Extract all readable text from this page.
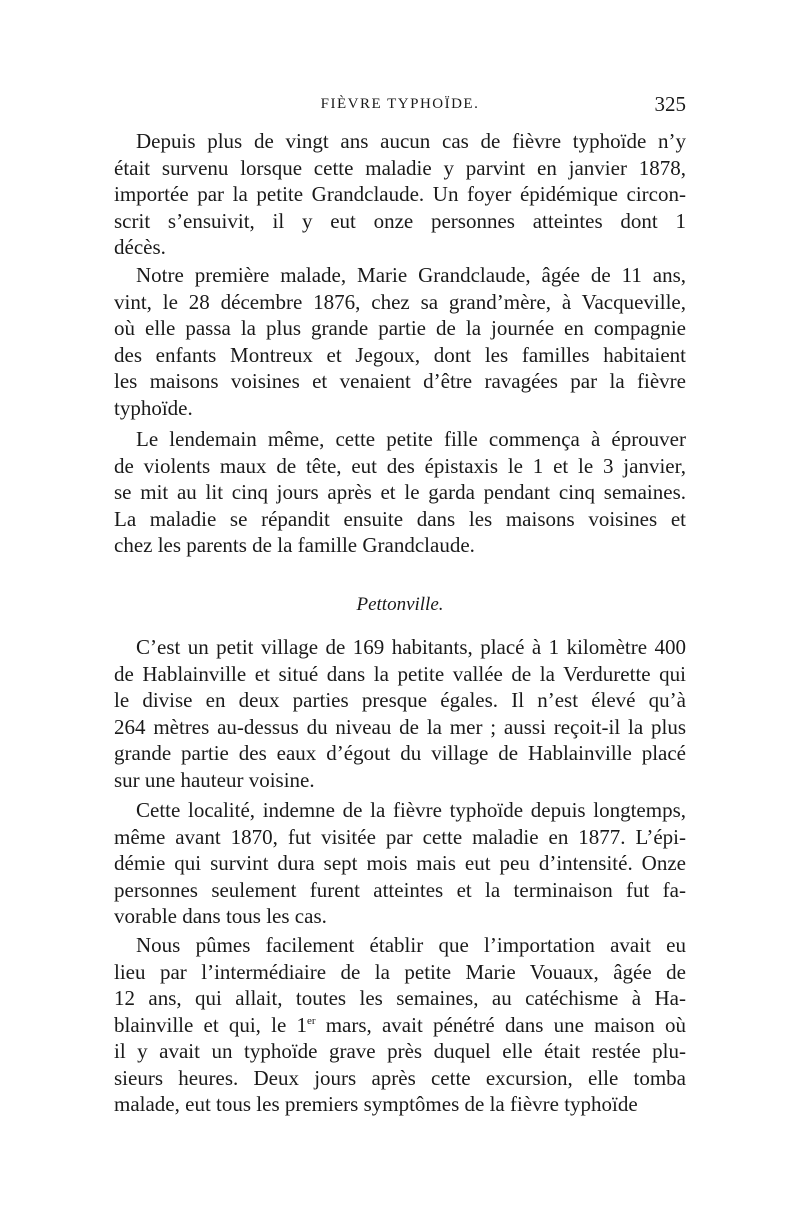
FIÈVRE TYPHOÏDE.	325
Depuis plus de vingt ans aucun cas de fièvre typhoïde n’y
était survenu lorsque cette maladie y parvint en janvier 1878,
importée par la petite Grandclaude. Un foyer épidémique circon-
scrit s’ensuivit, il y eut onze personnes atteintes dont 1
décès.
Notre première malade, Marie Grandclaude, âgée de 11 ans,
vint, le 28 décembre 1876, chez sa grand’mère, à Vacqueville,
où elle passa la plus grande partie de la journée en compagnie
des enfants Montreux et Jegoux, dont les familles habitaient
les maisons voisines et venaient d’être ravagées par la fièvre
typhoïde.
Le lendemain même, cette petite fille commença à éprouver
de violents maux de tête, eut des épistaxis le 1 et le 3 janvier,
se mit au lit cinq jours après et le garda pendant cinq semaines.
La maladie se répandit ensuite dans les maisons voisines et
chez les parents de la famille Grandclaude.
Pettonville.
C’est un petit village de 169 habitants, placé à 1 kilomètre 400
de Hablainville et situé dans la petite vallée de la Verdurette qui
le divise en deux parties presque égales. Il n’est élevé qu’à
264 mètres au-dessus du niveau de la mer ; aussi reçoit-il la plus
grande partie des eaux d’égout du village de Hablainville placé
sur une hauteur voisine.
Cette localité, indemne de la fièvre typhoïde depuis longtemps,
même avant 1870, fut visitée par cette maladie en 1877. L’épi-
démie qui survint dura sept mois mais eut peu d’intensité. Onze
personnes seulement furent atteintes et la terminaison fut fa-
vorable dans tous les cas.
Nous pûmes facilement établir que l’importation avait eu
lieu par l’intermédiaire de la petite Marie Vouaux, âgée de
12 ans, qui allait, toutes les semaines, au catéchisme à Ha-
blainville et qui, le 1er mars, avait pénétré dans une maison où
il y avait un typhoïde grave près duquel elle était restée plu-
sieurs heures. Deux jours après cette excursion, elle tomba
malade, eut tous les premiers symptômes de la fièvre typhoïde
